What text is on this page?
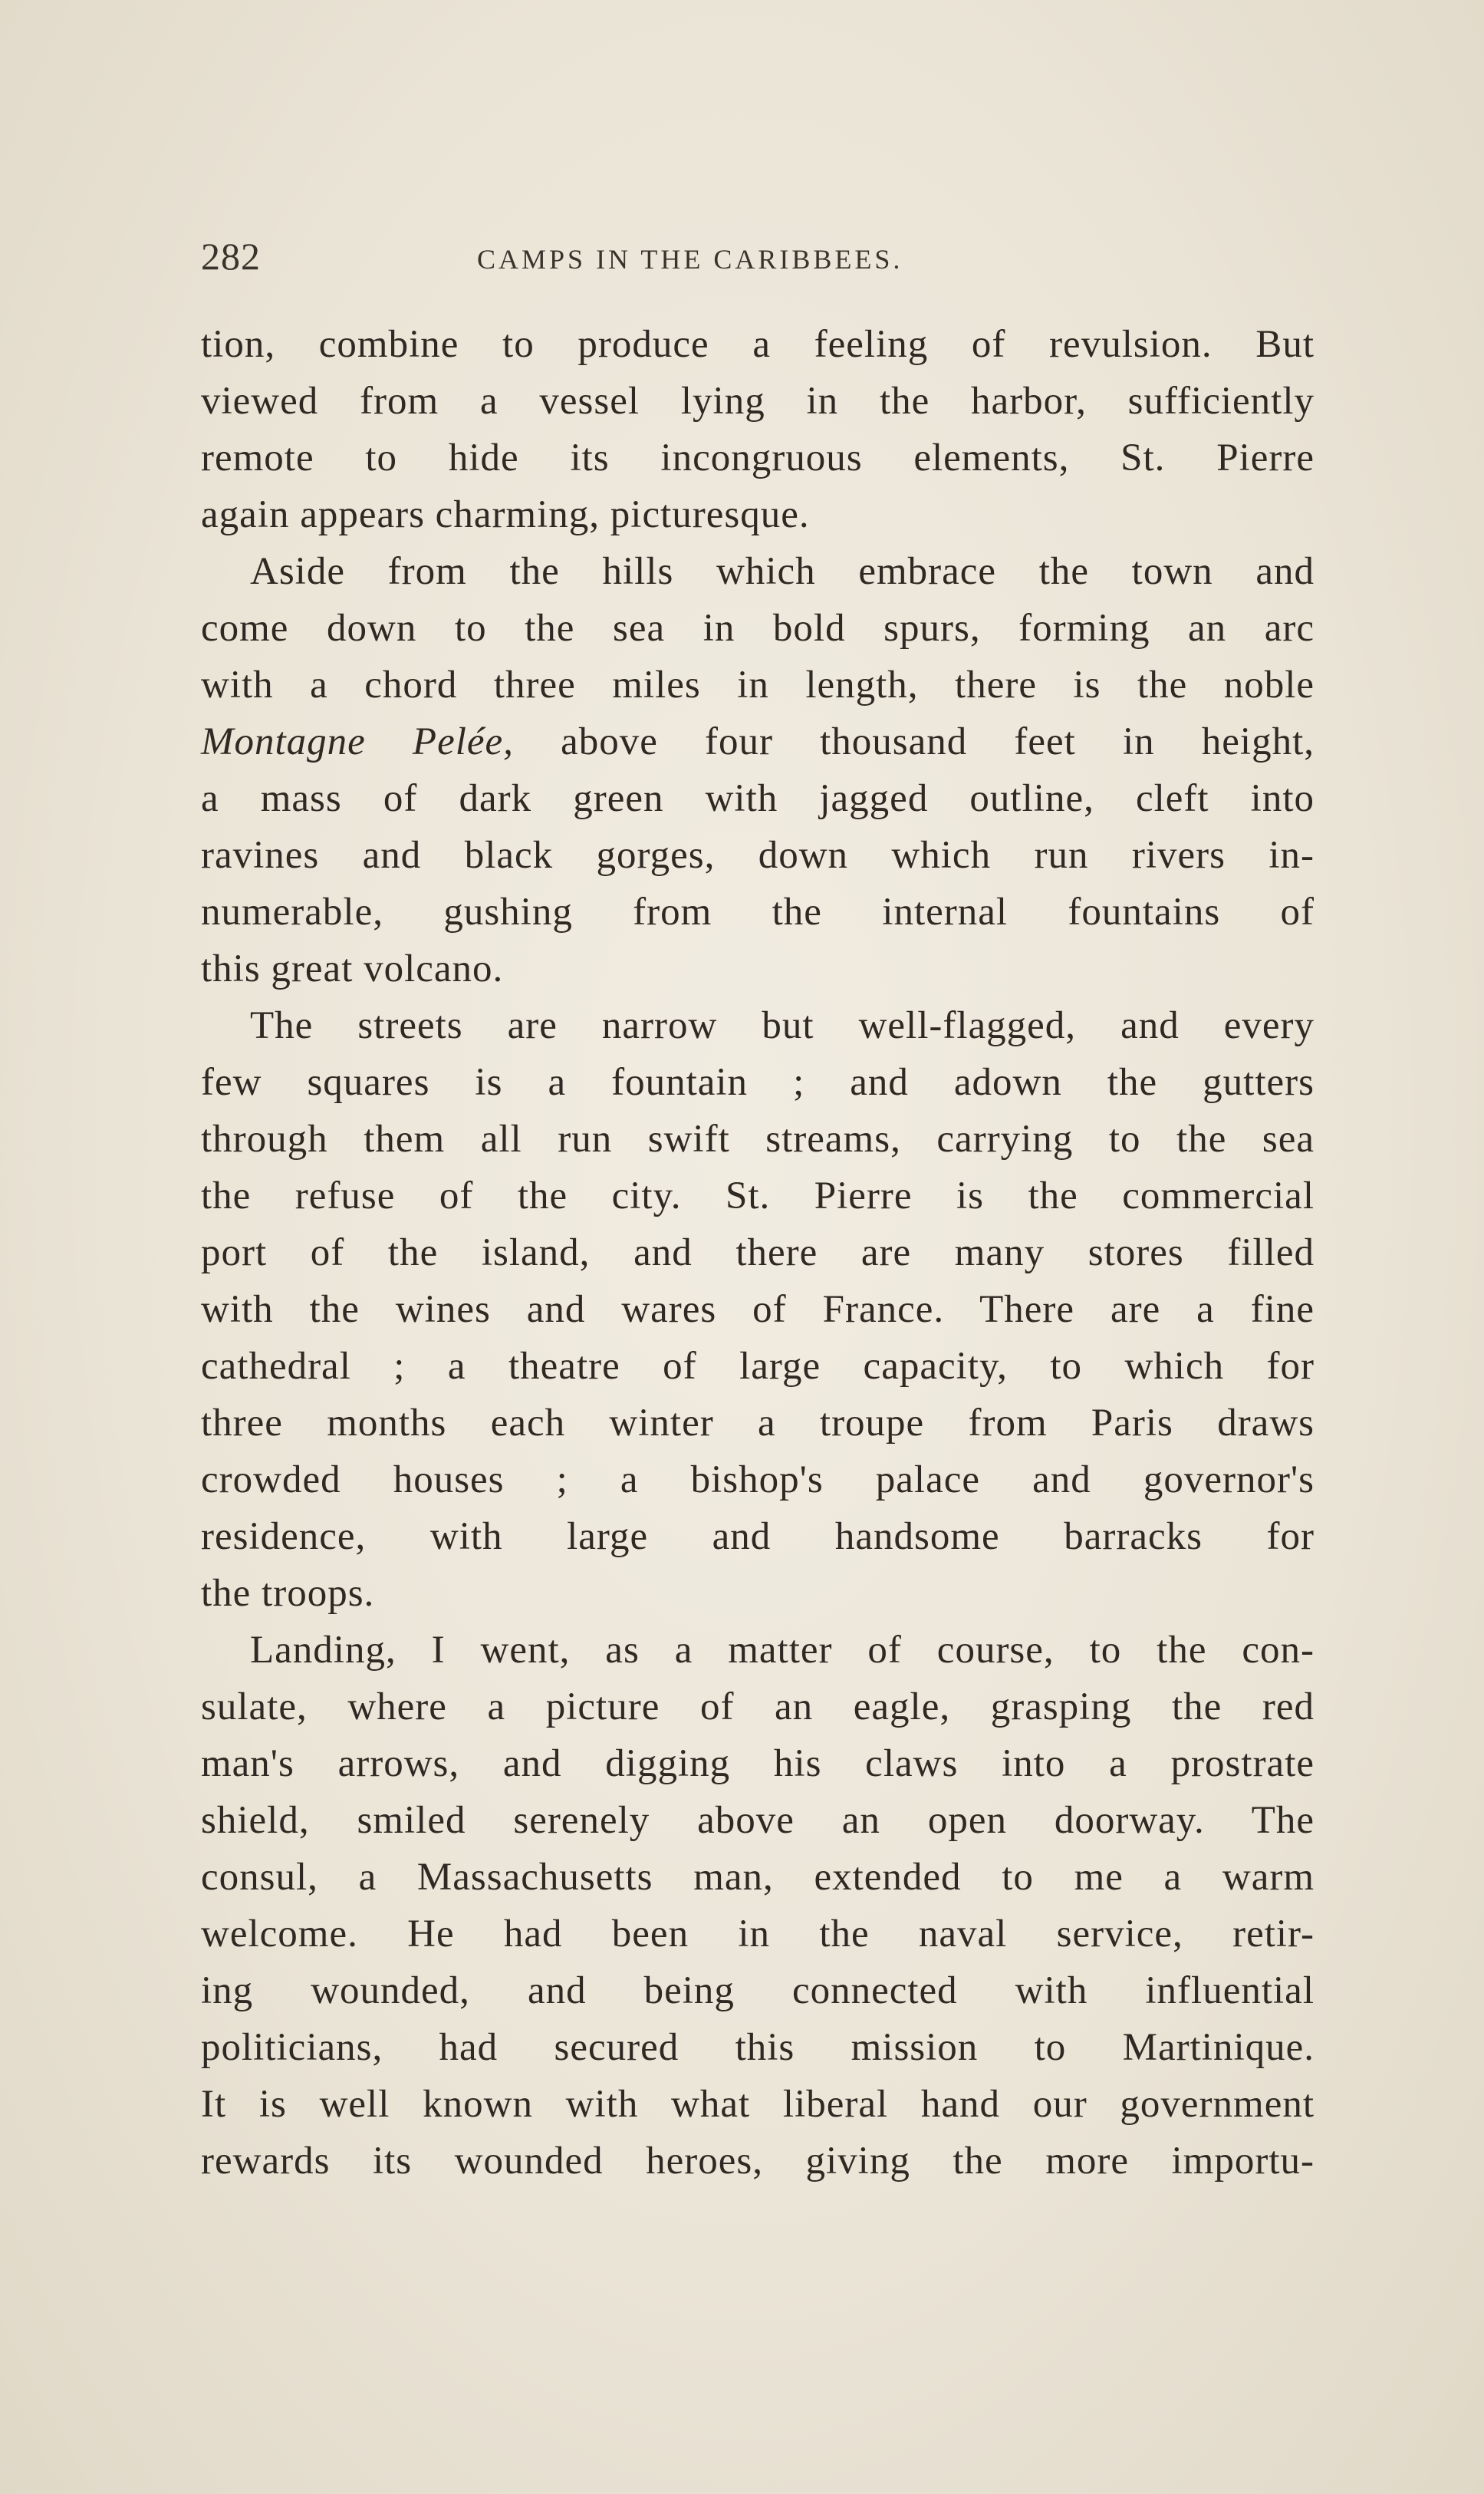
282	CAMPS IN THE CARIBBEES.
tion, combine to produce a feeling of revulsion. But
viewed from a vessel lying in the harbor, sufficiently
remote to hide its incongruous elements, St. Pierre
again appears charming, picturesque.
Aside from the hills which embrace the town and
come down to the sea in bold spurs, forming an arc
with a chord three miles in length, there is the noble
Montagne Pelée, above four thousand feet in height,
a mass of dark green with jagged outline, cleft into
ravines and black gorges, down which run rivers in-
numerable, gushing from the internal fountains of
this great volcano.
The streets are narrow but well-flagged, and every
few squares is a fountain ; and adown the gutters
through them all run swift streams, carrying to the sea
the refuse of the city. St. Pierre is the commercial
port of the island, and there are many stores filled
with the wines and wares of France. There are a fine
cathedral ; a theatre of large capacity, to which for
three months each winter a troupe from Paris draws
crowded houses ; a bishop's palace and governor's
residence, with large and handsome barracks for
the troops.
Landing, I went, as a matter of course, to the con-
sulate, where a picture of an eagle, grasping the red
man's arrows, and digging his claws into a prostrate
shield, smiled serenely above an open doorway. The
consul, a Massachusetts man, extended to me a warm
welcome. He had been in the naval service, retir-
ing wounded, and being connected with influential
politicians, had secured this mission to Martinique.
It is well known with what liberal hand our government
rewards its wounded heroes, giving the more importu-
